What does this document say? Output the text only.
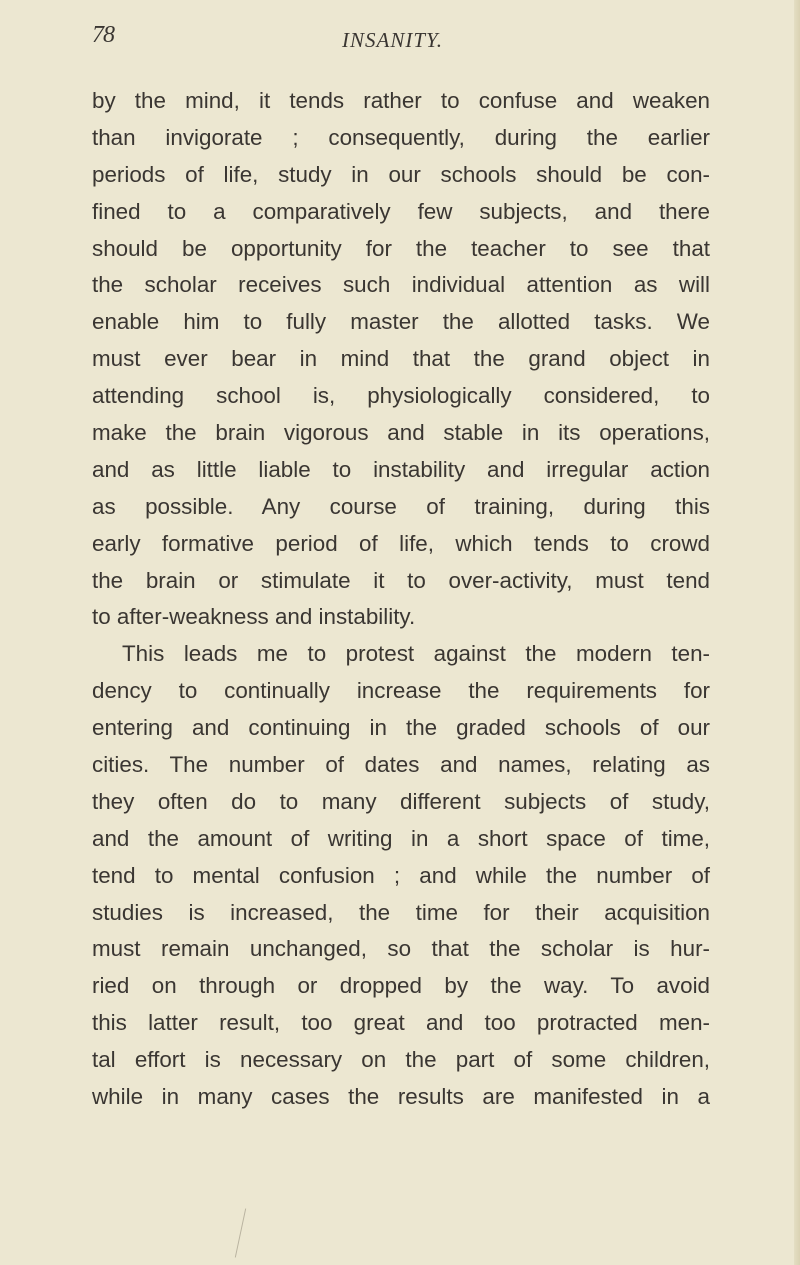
78	INSANITY.
by the mind, it tends rather to confuse and weaken
than invigorate ; consequently, during the earlier
periods of life, study in our schools should be con-
fined to a comparatively few subjects, and there
should be opportunity for the teacher to see that
the scholar receives such individual attention as will
enable him to fully master the allotted tasks. We
must ever bear in mind that the grand object in
attending school is, physiologically considered, to
make the brain vigorous and stable in its operations,
and as little liable to instability and irregular action
as possible. Any course of training, during this
early formative period of life, which tends to crowd
the brain or stimulate it to over-activity, must tend
to after-weakness and instability.
This leads me to protest against the modern ten-
dency to continually increase the requirements for
entering and continuing in the graded schools of our
cities. The number of dates and names, relating as
they often do to many different subjects of study,
and the amount of writing in a short space of time,
tend to mental confusion ; and while the number of
studies is increased, the time for their acquisition
must remain unchanged, so that the scholar is hur-
ried on through or dropped by the way. To avoid
this latter result, too great and too protracted men-
tal effort is necessary on the part of some children,
while in many cases the results are manifested in a
